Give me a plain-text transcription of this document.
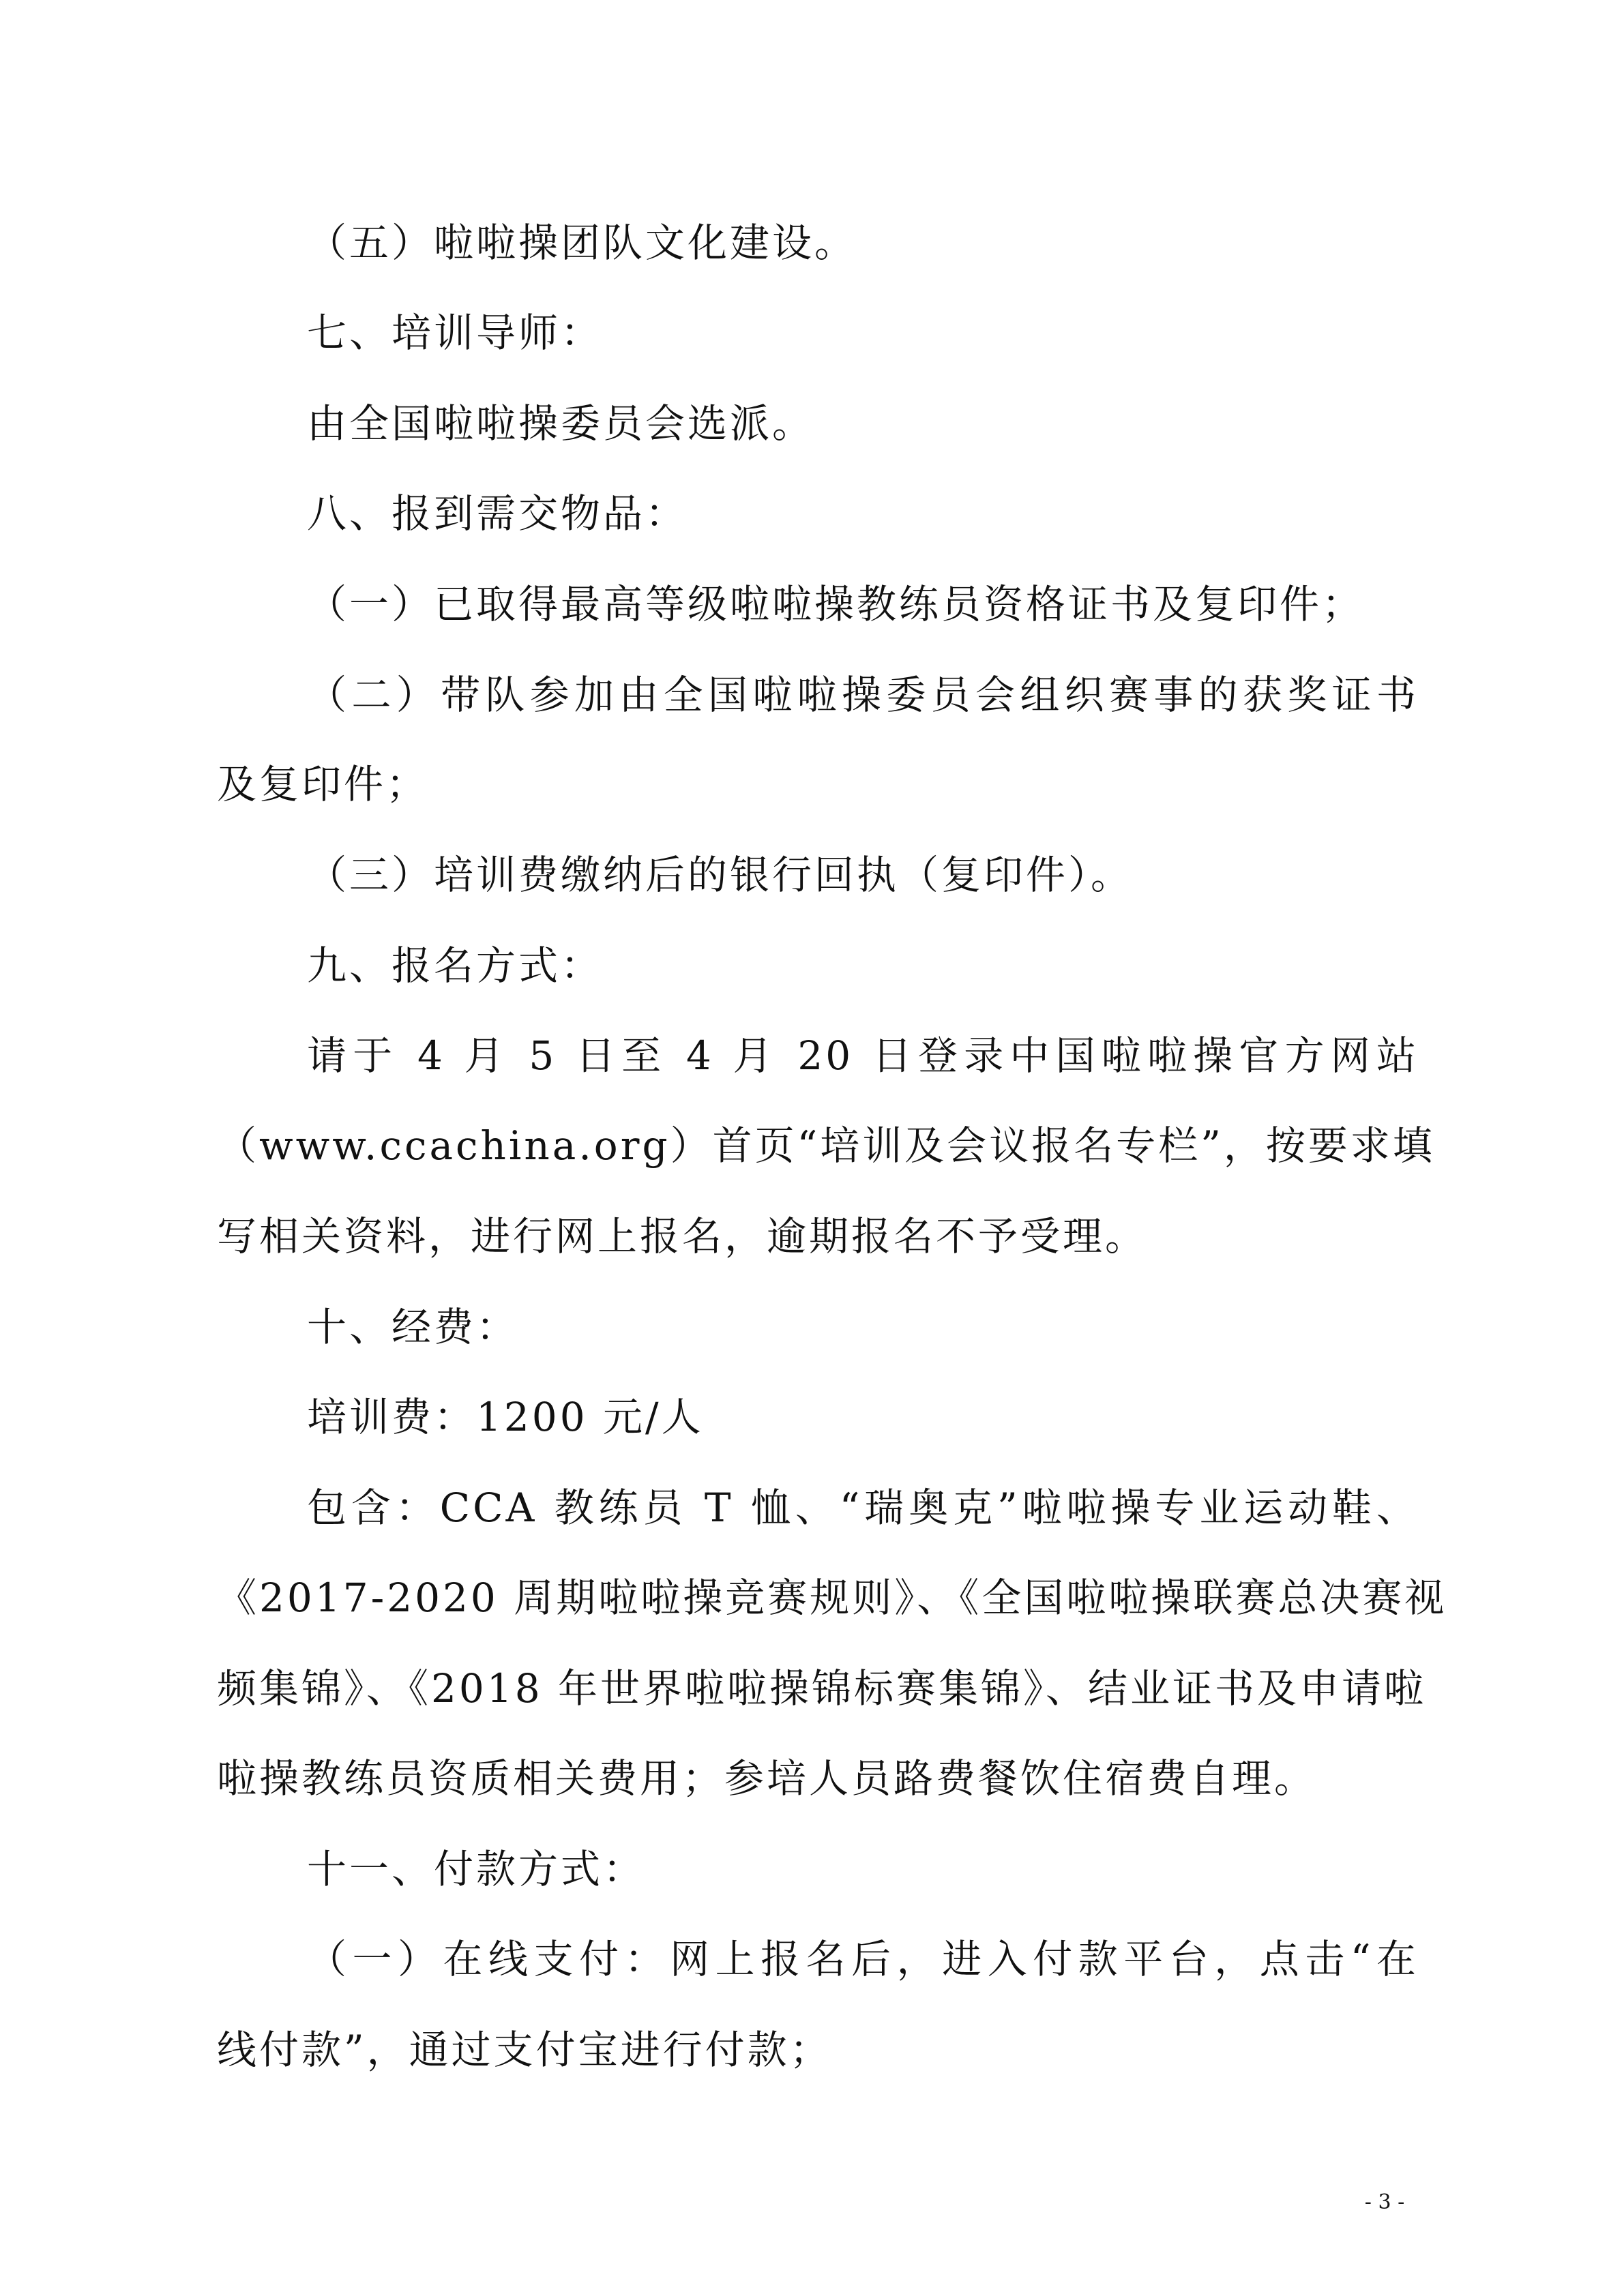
（五）啦啦操团队文化建设。
七、培训导师：
由全国啦啦操委员会选派。
八、报到需交物品：
（一）已取得最高等级啦啦操教练员资格证书及复印件；
（二）带队参加由全国啦啦操委员会组织赛事的获奖证书
及复印件；
（三）培训费缴纳后的银行回执（复印件）。
九、报名方式：
请于 4 月 5 日至 4 月 20 日登录中国啦啦操官方网站
（www.ccachina.org）首页“培训及会议报名专栏”，按要求填
写相关资料，进行网上报名，逾期报名不予受理。
十、经费：
培训费：1200 元/人
包含：CCA 教练员 T 恤、“瑞奥克”啦啦操专业运动鞋、
《2017-2020 周期啦啦操竞赛规则》、《全国啦啦操联赛总决赛视
频集锦》、《2018 年世界啦啦操锦标赛集锦》、结业证书及申请啦
啦操教练员资质相关费用；参培人员路费餐饮住宿费自理。
十一、付款方式：
（一）在线支付：网上报名后，进入付款平台，点击“在
线付款”，通过支付宝进行付款；
- 3 -
